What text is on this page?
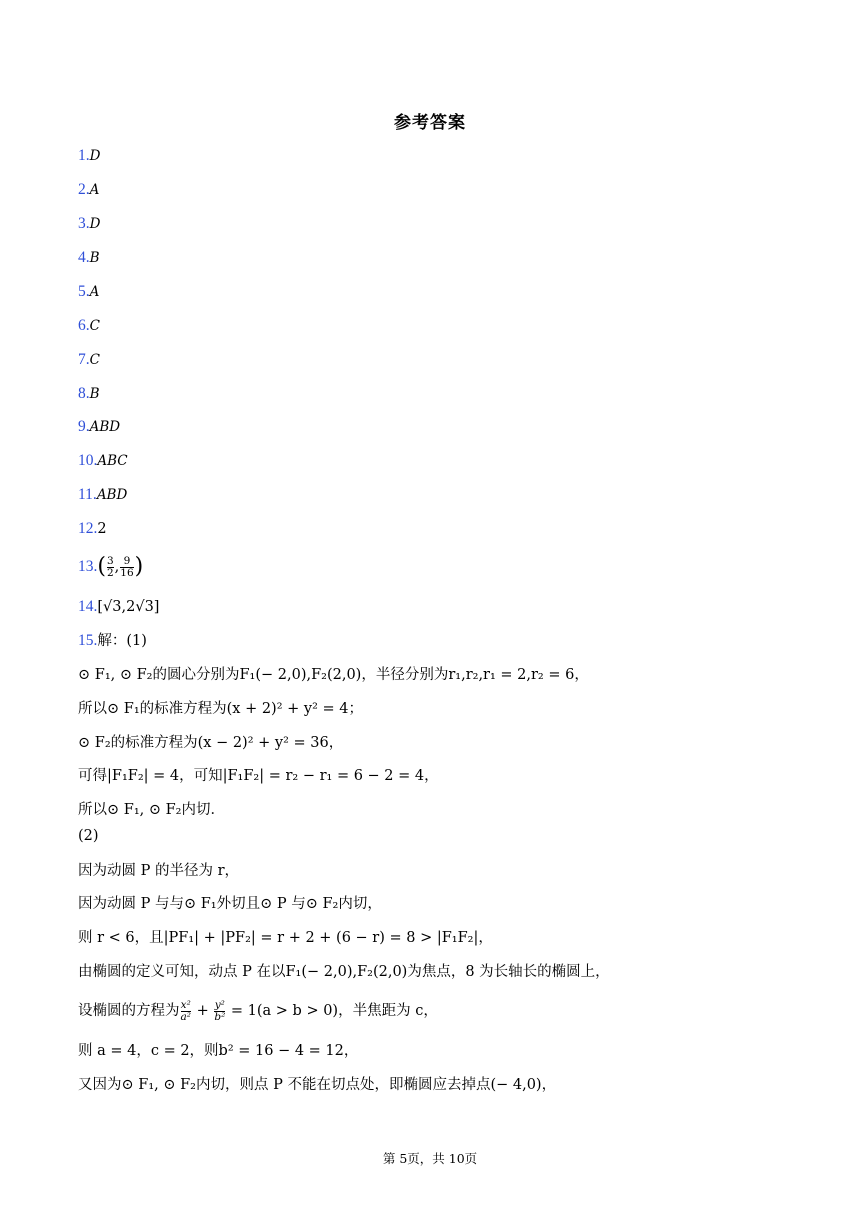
参考答案
1.D
2.A
3.D
4.B
5.A
6.C
7.C
8.B
9.ABD
10.ABC
11.ABD
12.2
$13.( \frac{3}{2}$ , $\frac{9}{16}$ )
14.[√3,2√3]
15.解：(1)
⊙ F₁, ⊙ F₂的圆心分别为F₁(− 2,0),F₂(2,0)，半径分别为r₁,r₂,r₁ = 2,r₂ = 6，
所以⊙ F₁的标准方程为(x + 2)² + y² = 4；
⊙ F₂的标准方程为(x − 2)² + y² = 36，
可得|F₁F₂| = 4，可知|F₁F₂| = r₂ − r₁ = 6 − 2 = 4，
所以⊙ F₁, ⊙ F₂内切．
(2)
因为动圆 P 的半径为 r，
因为动圆 P 与与⊙ F₁外切且⊙ P 与⊙ F₂内切，
则 r < 6，且|PF₁| + |PF₂| = r + 2 + (6 − r) = 8 > |F₁F₂|，
由椭圆的定义可知，动点 P 在以F₁(− 2,0),F₂(2,0)为焦点，8 为长轴长的椭圆上，
设椭圆的方程为 $\frac{\text{x²}}{\text{a²}} + \frac{\text{y²}}{\text{b²}} = 1(a > b > 0)$，半焦距为 c，
则 a = 4，c = 2，则b² = 16 − 4 = 12，
又因为⊙ F₁, ⊙ F₂内切，则点 P 不能在切点处，即椭圆应去掉点(− 4,0)，
第 5页，共 10页
